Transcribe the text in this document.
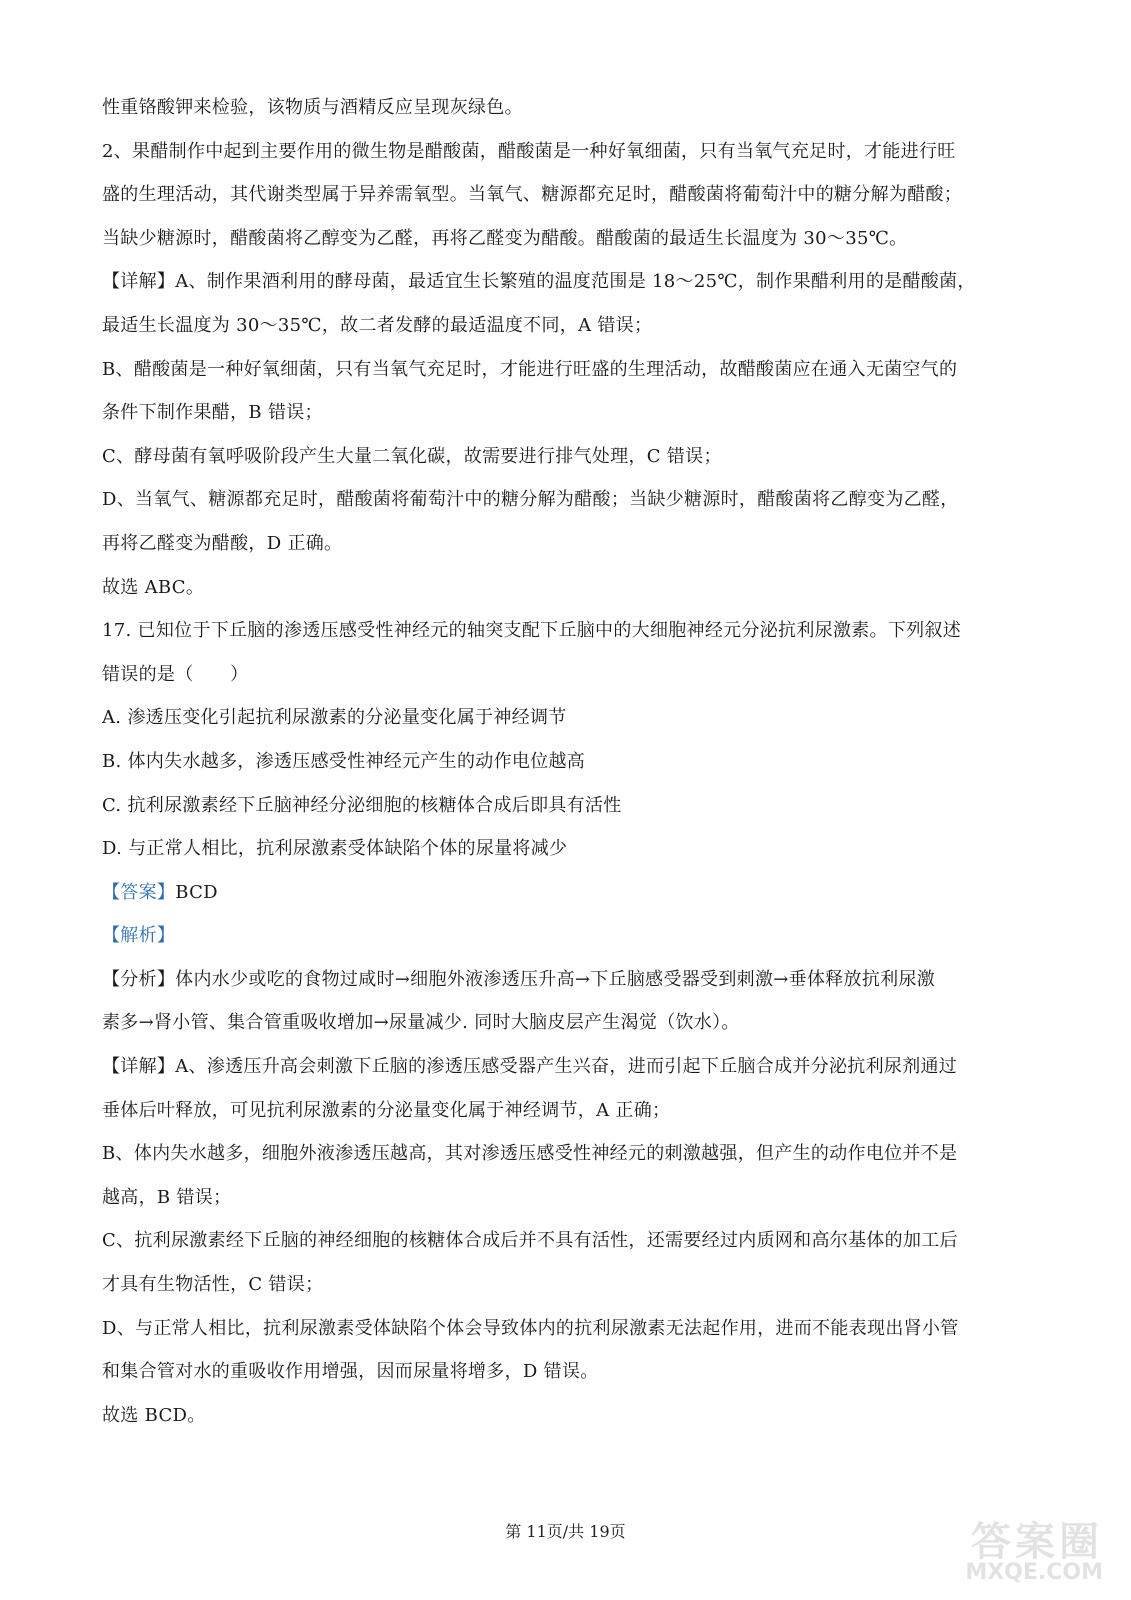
性重铬酸钾来检验，该物质与酒精反应呈现灰绿色。
2、果醋制作中起到主要作用的微生物是醋酸菌，醋酸菌是一种好氧细菌，只有当氧气充足时，才能进行旺
盛的生理活动，其代谢类型属于异养需氧型。当氧气、糖源都充足时，醋酸菌将葡萄汁中的糖分解为醋酸；
当缺少糖源时，醋酸菌将乙醇变为乙醛，再将乙醛变为醋酸。醋酸菌的最适生长温度为 30～35℃。
【详解】A、制作果酒利用的酵母菌，最适宜生长繁殖的温度范围是 18～25℃，制作果醋利用的是醋酸菌，
最适生长温度为 30～35℃，故二者发酵的最适温度不同，A 错误；
B、醋酸菌是一种好氧细菌，只有当氧气充足时，才能进行旺盛的生理活动，故醋酸菌应在通入无菌空气的
条件下制作果醋，B 错误；
C、酵母菌有氧呼吸阶段产生大量二氧化碳，故需要进行排气处理，C 错误；
D、当氧气、糖源都充足时，醋酸菌将葡萄汁中的糖分解为醋酸；当缺少糖源时，醋酸菌将乙醇变为乙醛，
再将乙醛变为醋酸，D 正确。
故选 ABC。
17. 已知位于下丘脑的渗透压感受性神经元的轴突支配下丘脑中的大细胞神经元分泌抗利尿激素。下列叙述
错误的是（　　）
A. 渗透压变化引起抗利尿激素的分泌量变化属于神经调节
B. 体内失水越多，渗透压感受性神经元产生的动作电位越高
C. 抗利尿激素经下丘脑神经分泌细胞的核糖体合成后即具有活性
D. 与正常人相比，抗利尿激素受体缺陷个体的尿量将减少
【答案】BCD
【解析】
【分析】体内水少或吃的食物过咸时→细胞外液渗透压升高→下丘脑感受器受到刺激→垂体释放抗利尿激
素多→肾小管、集合管重吸收增加→尿量减少. 同时大脑皮层产生渴觉（饮水）。
【详解】A、渗透压升高会刺激下丘脑的渗透压感受器产生兴奋，进而引起下丘脑合成并分泌抗利尿剂通过
垂体后叶释放，可见抗利尿激素的分泌量变化属于神经调节，A 正确；
B、体内失水越多，细胞外液渗透压越高，其对渗透压感受性神经元的刺激越强，但产生的动作电位并不是
越高，B 错误；
C、抗利尿激素经下丘脑的神经细胞的核糖体合成后并不具有活性，还需要经过内质网和高尔基体的加工后
才具有生物活性，C 错误；
D、与正常人相比，抗利尿激素受体缺陷个体会导致体内的抗利尿激素无法起作用，进而不能表现出肾小管
和集合管对水的重吸收作用增强，因而尿量将增多，D 错误。
故选 BCD。
第 11页/共 19页	答案圈
MXQE.COM
